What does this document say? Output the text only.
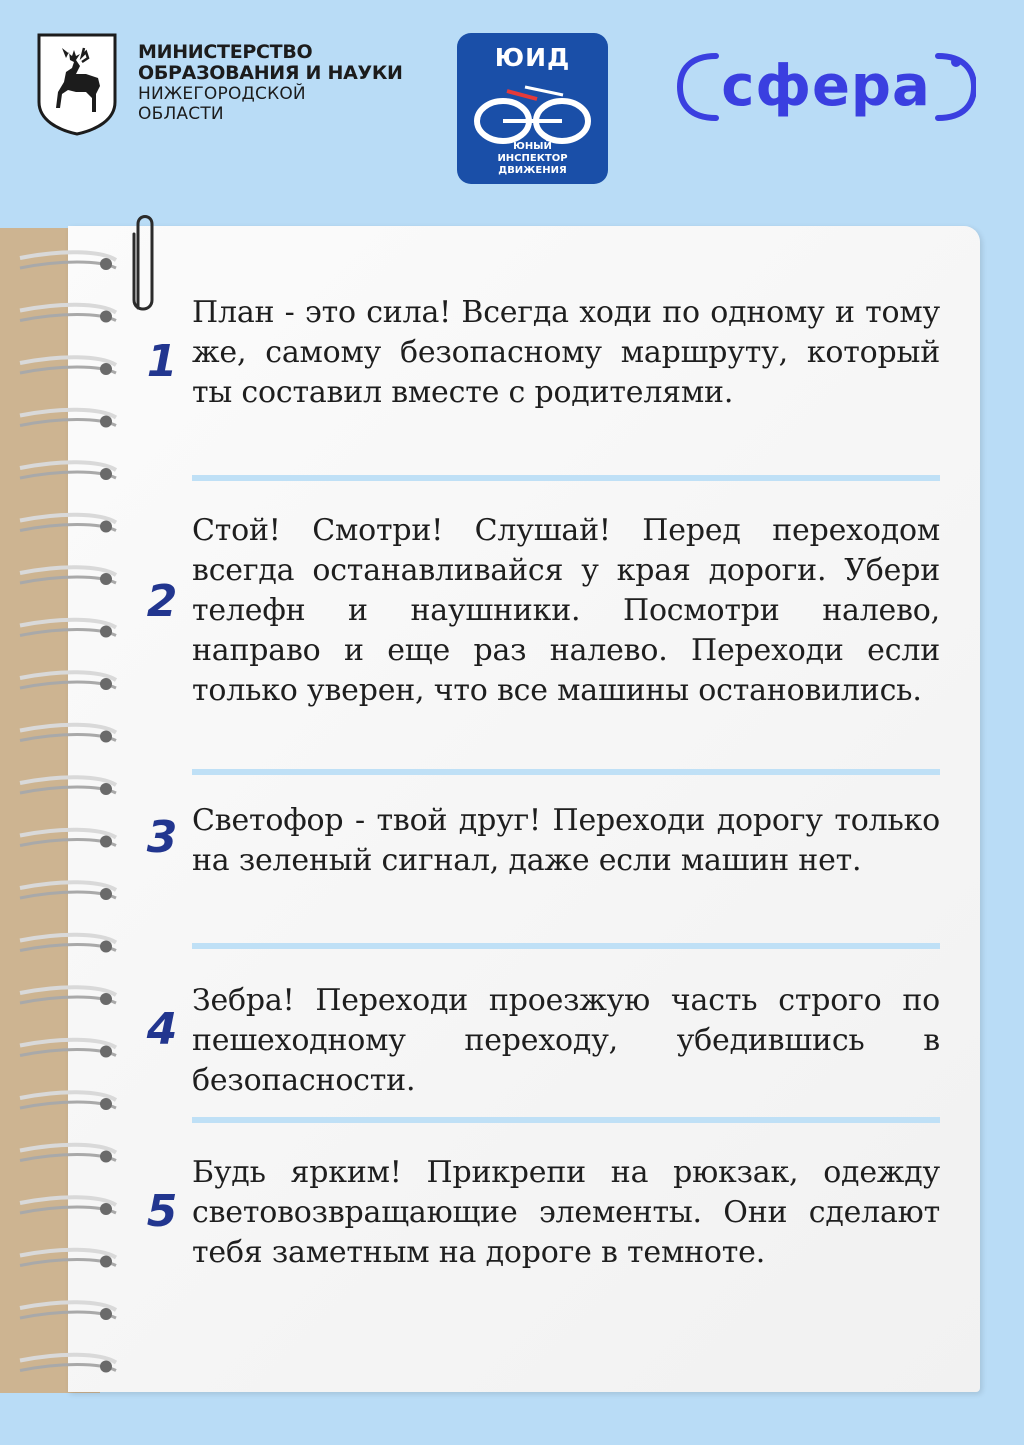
МИНИСТЕРСТВО
ОБРАЗОВАНИЯ И НАУКИ
НИЖЕГОРОДСКОЙ
ОБЛАСТИ
ЮИД
ЮНЫЙ
ИНСПЕКТОР
ДВИЖЕНИЯ
сфера
1

План - это сила! Всегда ходи по одному и тому же, самому безопасному маршруту, который ты составил вместе с родителями.

2

Стой! Смотри! Слушай! Перед переходом всегда останавливайся у края дороги. Убери телефн и наушники. Посмотри налево, направо и еще раз налево. Переходи если только уверен, что все машины остановились.

3 Светофор - твой друг! Переходи дорогу только на зеленый сигнал, даже если машин нет.

4

Зебра! Переходи проезжую часть строго по пешеходному переходу, убедившись в безопасности.

5

Будь ярким! Прикрепи на рюкзак, одежду световозвращающие элементы. Они сделают тебя заметным на дороге в темноте.
